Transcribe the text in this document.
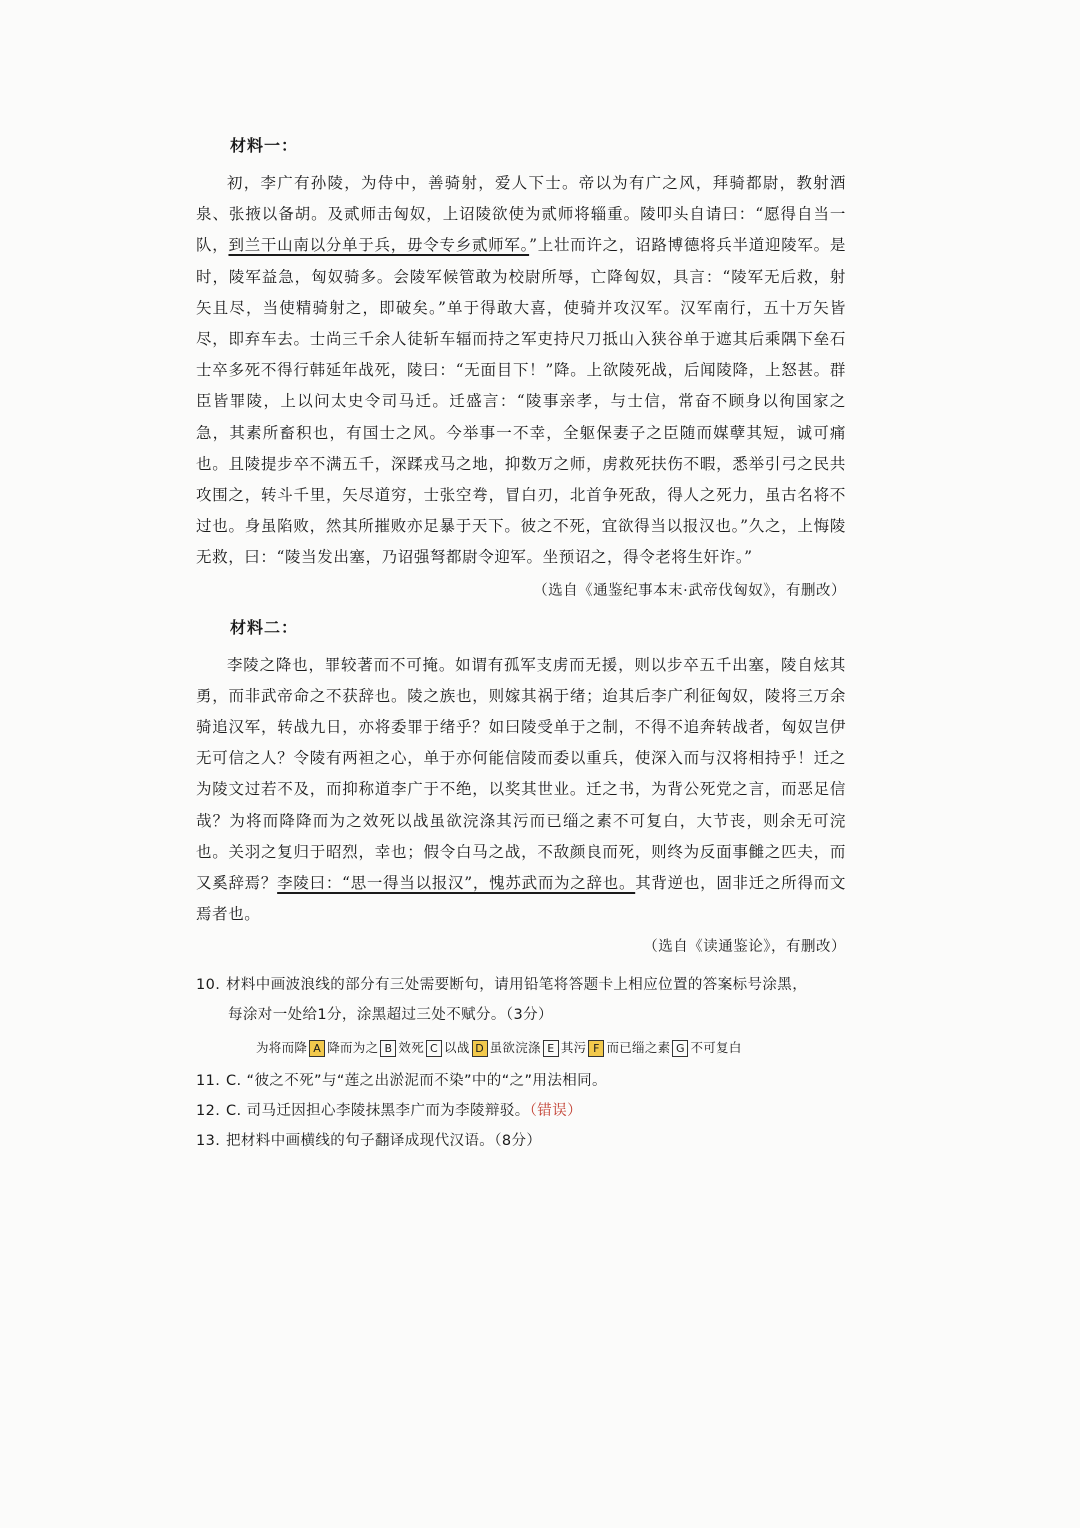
材料一：

初，李广有孙陵，为侍中，善骑射，爱人下士。帝以为有广之风，拜骑都尉，教射酒泉、张掖以备胡。及贰师击匈奴，上诏陵欲使为贰师将辎重。陵叩头自请曰：“愿得自当一队，到兰干山南以分单于兵，毋令专乡贰师军。”上壮而许之，诏路博德将兵半道迎陵军。是时，陵军益急，匈奴骑多。会陵军候管敢为校尉所辱，亡降匈奴，具言：“陵军无后救，射矢且尽，当使精骑射之，即破矣。”单于得敢大喜，使骑并攻汉军。汉军南行，五十万矢皆尽，即弃车去。士尚三千余人徒斩车辐而持之军吏持尺刀抵山入狭谷单于遮其后乘隅下垒石士卒多死不得行韩延年战死，陵曰：“无面目下！”降。上欲陵死战，后闻陵降，上怒甚。群臣皆罪陵，上以问太史令司马迁。迁盛言：“陵事亲孝，与士信，常奋不顾身以徇国家之急，其素所畜积也，有国士之风。今举事一不幸，全躯保妻子之臣随而媒孽其短，诚可痛也。且陵提步卒不满五千，深蹂戎马之地，抑数万之师，虏救死扶伤不暇，悉举引弓之民共攻围之，转斗千里，矢尽道穷，士张空弮，冒白刃，北首争死敌，得人之死力，虽古名将不过也。身虽陷败，然其所摧败亦足暴于天下。彼之不死，宜欲得当以报汉也。”久之，上悔陵无救，曰：“陵当发出塞，乃诏强弩都尉令迎军。坐预诏之，得令老将生奸诈。”

（选自《通鉴纪事本末·武帝伐匈奴》，有删改）
材料二：

李陵之降也，罪较著而不可掩。如谓有孤军支虏而无援，则以步卒五千出塞，陵自炫其勇，而非武帝命之不获辞也。陵之族也，则嫁其祸于绪；迨其后李广利征匈奴，陵将三万余骑追汉军，转战九日，亦将委罪于绪乎？如曰陵受单于之制，不得不追奔转战者，匈奴岂伊无可信之人？令陵有两袒之心，单于亦何能信陵而委以重兵，使深入而与汉将相持乎！迁之为陵文过若不及，而抑称道李广于不绝，以奖其世业。迁之书，为背公死党之言，而恶足信哉？为将而降降而为之效死以战虽欲浣涤其污而已缁之素不可复白，大节丧，则余无可浣也。关羽之复归于昭烈，幸也；假令白马之战，不敌颜良而死，则终为反面事雠之匹夫，而又奚辞焉？李陵曰：“思一得当以报汉”，愧苏武而为之辞也。其背逆也，固非迁之所得而文焉者也。

（选自《读通鉴论》，有删改）
10. 材料中画波浪线的部分有三处需要断句，请用铅笔将答题卡上相应位置的答案标号涂黑，
每涂对一处给1分，涂黑超过三处不赋分。（3分）
为将而降 A 降而为之 B 效死 C 以战 D 虽欲浣涤 E 其污 F 而已缁之素 G 不可复白
11. C. “彼之不死”与“莲之出淤泥而不染”中的“之”用法相同。
12. C. 司马迁因担心李陵抹黑李广而为李陵辩驳。（错误）
13. 把材料中画横线的句子翻译成现代汉语。（8分）
